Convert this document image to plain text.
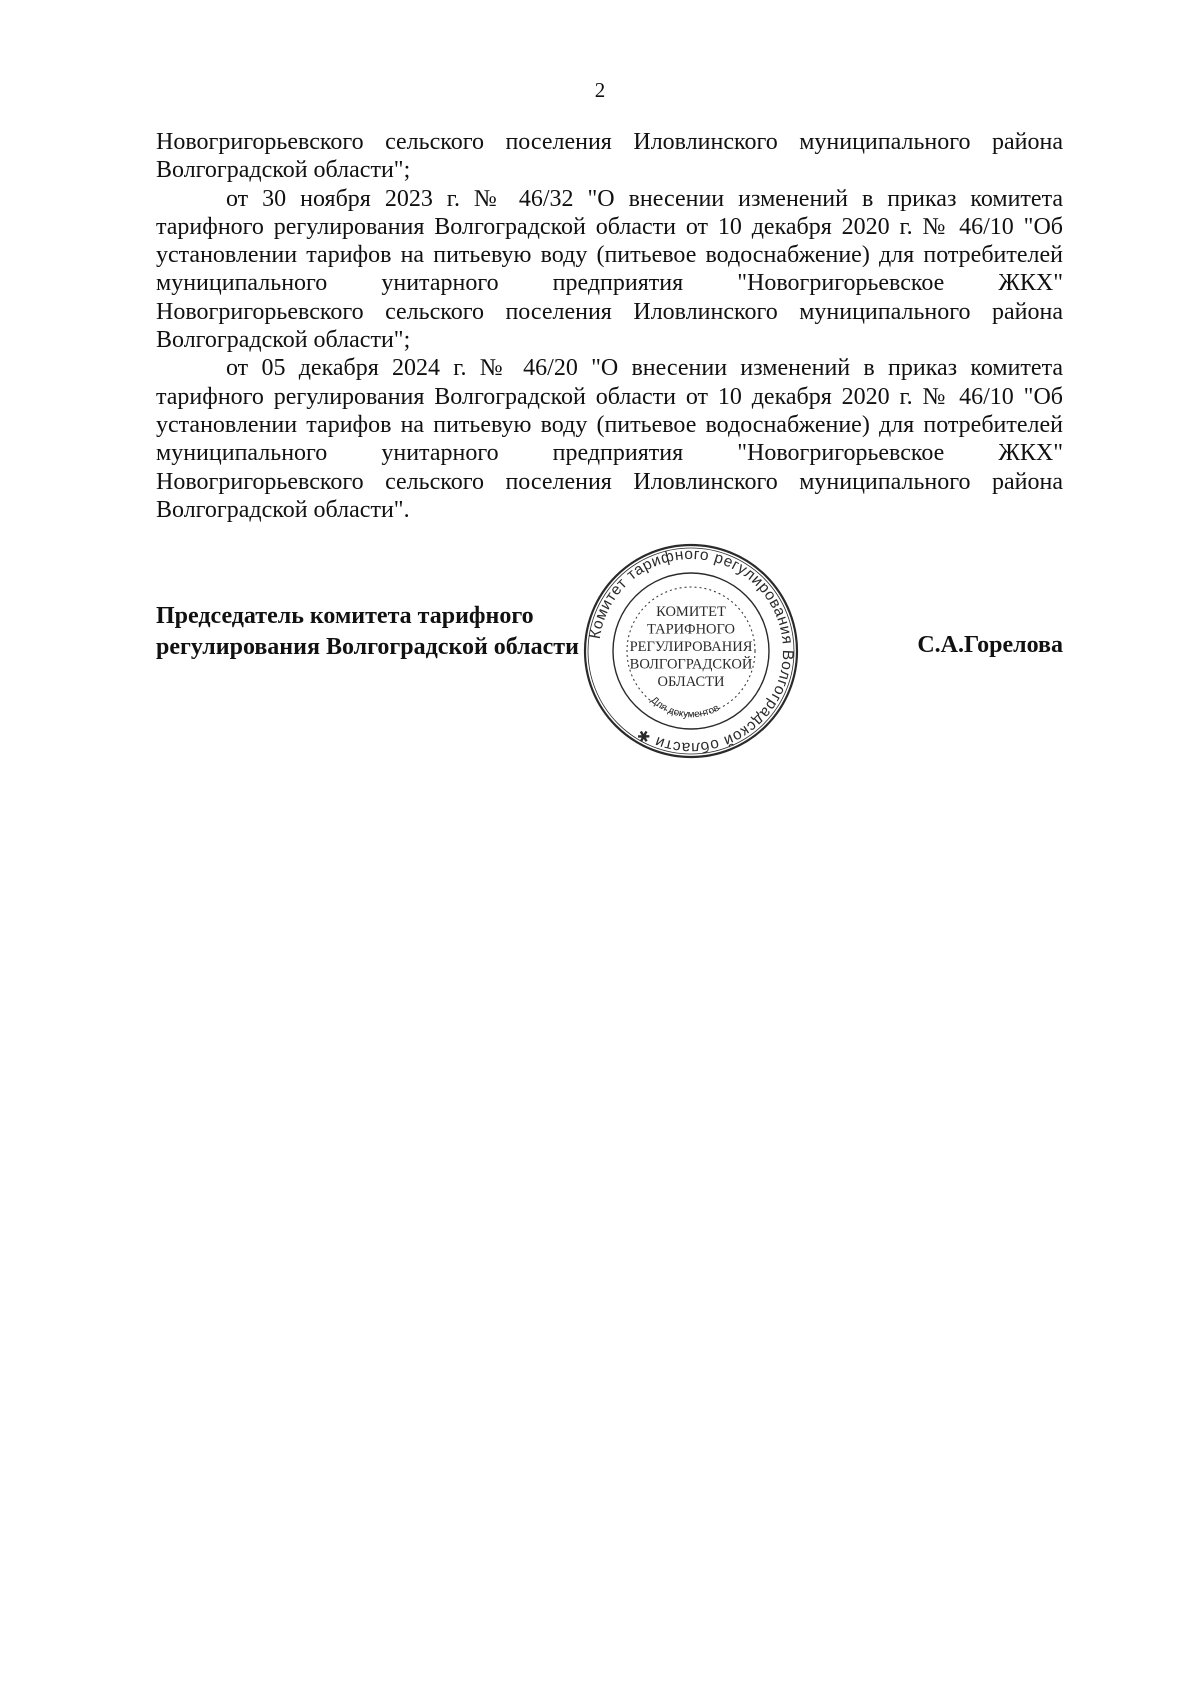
2

Новогригорьевского сельского поселения Иловлинского муниципального района Волгоградской области";

от 30 ноября 2023 г. № 46/32 "О внесении изменений в приказ комитета тарифного регулирования Волгоградской области от 10 декабря 2020 г. № 46/10 "Об установлении тарифов на питьевую воду (питьевое водоснабжение) для потребителей муниципального унитарного предприятия "Новогригорьевское ЖКХ" Новогригорьевского сельского поселения Иловлинского муниципального района Волгоградской области";

от 05 декабря 2024 г. № 46/20 "О внесении изменений в приказ комитета тарифного регулирования Волгоградской области от 10 декабря 2020 г. № 46/10 "Об установлении тарифов на питьевую воду (питьевое водоснабжение) для потребителей муниципального унитарного предприятия "Новогригорьевское ЖКХ" Новогригорьевского сельского поселения Иловлинского муниципального района Волгоградской области".

Председатель комитета тарифного
регулирования Волгоградской области	С.А.Горелова
Комитет тарифного регулирования Волгоградской области ✱
Для документов
КОМИТЕТ
ТАРИФНОГО
РЕГУЛИРОВАНИЯ
ВОЛГОГРАДСКОЙ
ОБЛАСТИ
